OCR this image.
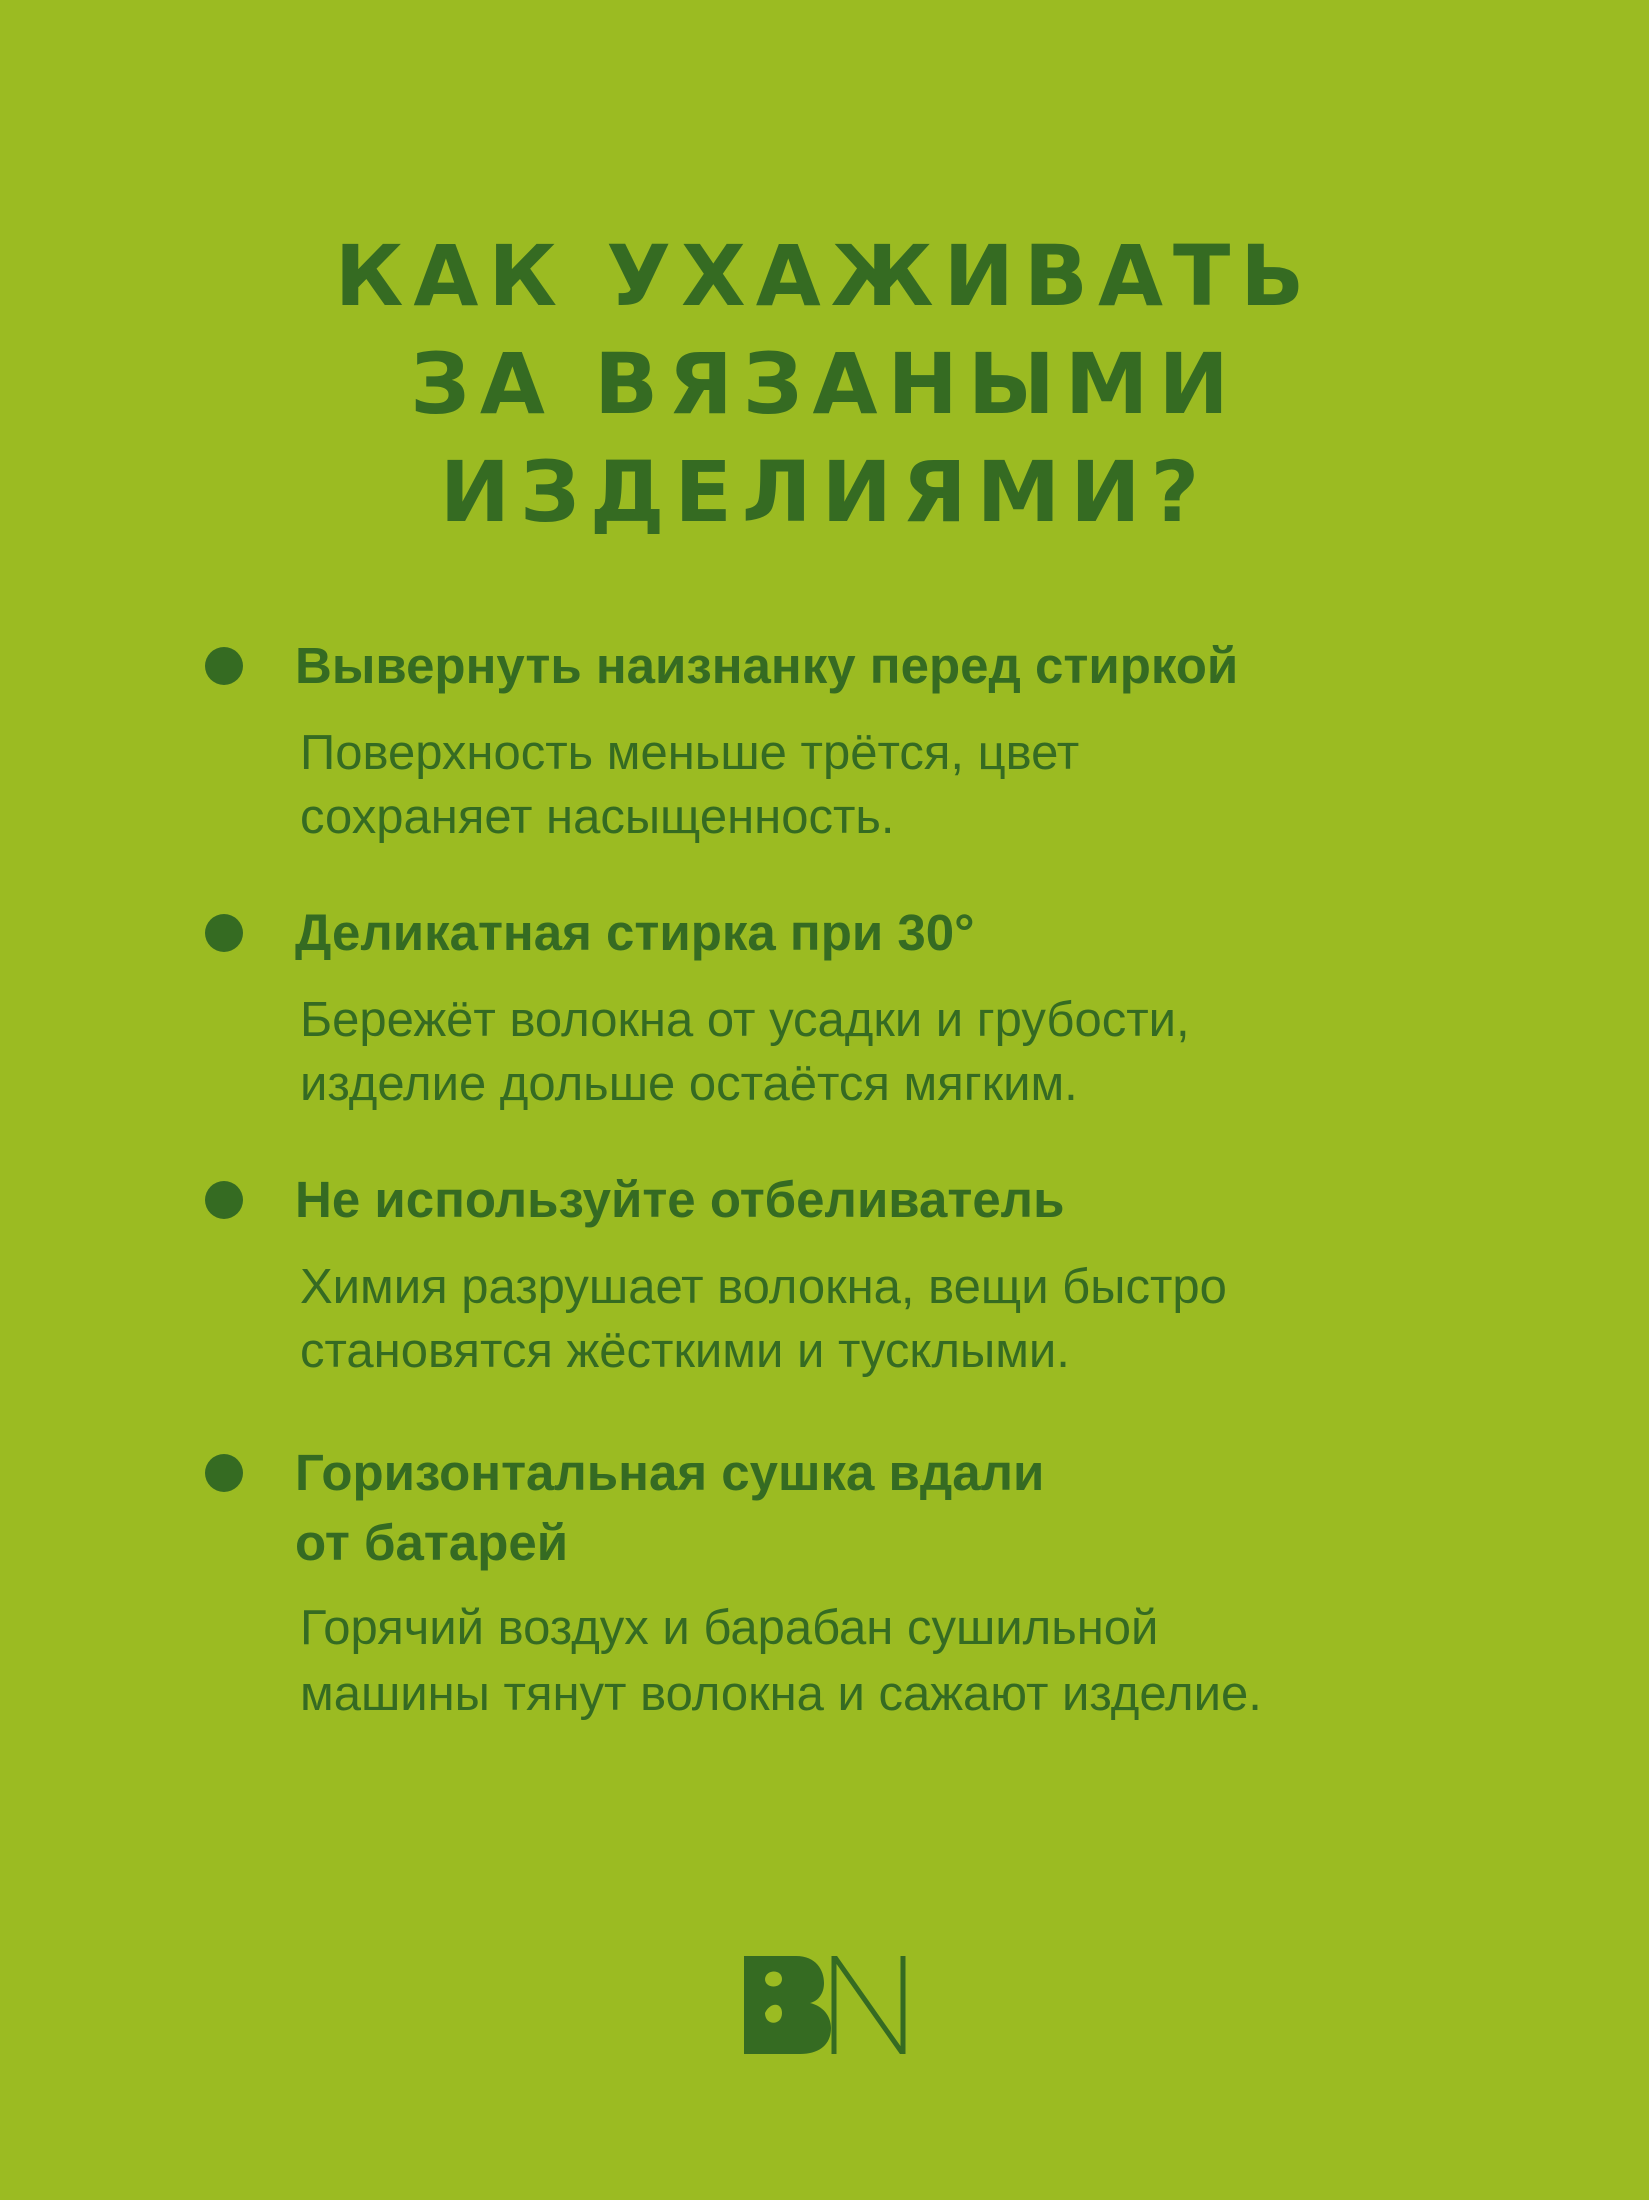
КАК УХАЖИВАТЬ
ЗА ВЯЗАНЫМИ
ИЗДЕЛИЯМИ?
Вывернуть наизнанку перед стиркой
Поверхность меньше трётся, цвет
сохраняет насыщенность.
Деликатная стирка при 30°
Бережёт волокна от усадки и грубости,
изделие дольше остаётся мягким.
Не используйте отбеливатель
Химия разрушает волокна, вещи быстро
становятся жёсткими и тусклыми.
Горизонтальная сушка вдали
от батарей
Горячий воздух и барабан сушильной
машины тянут волокна и сажают изделие.
